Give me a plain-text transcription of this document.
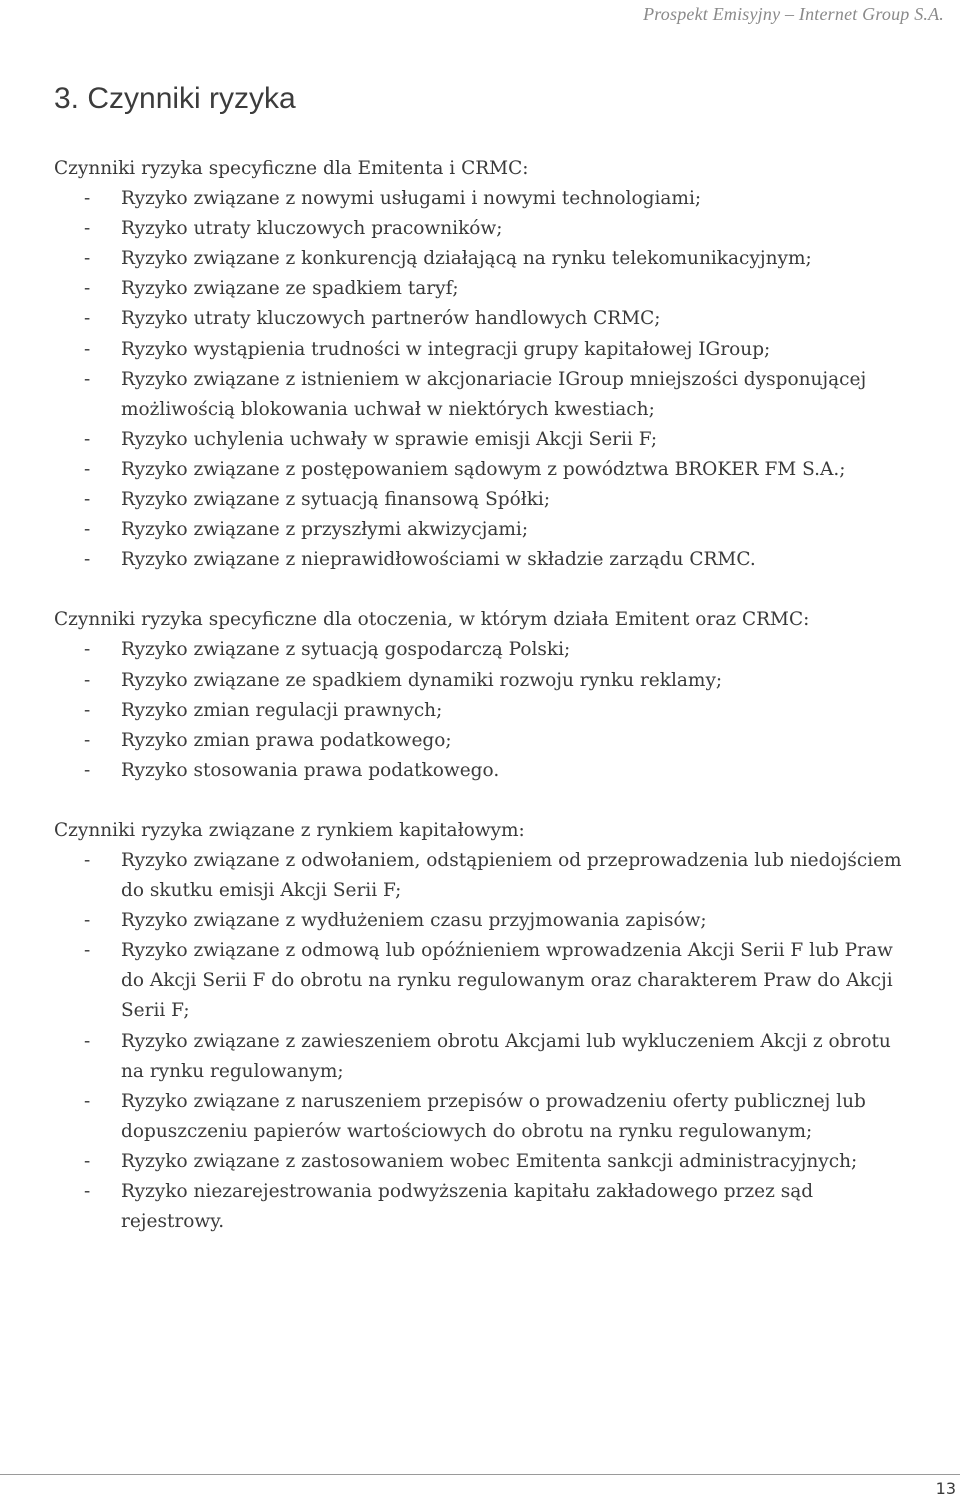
Prospekt Emisyjny – Internet Group S.A.
3. Czynniki ryzyka
Czynniki ryzyka specyficzne dla Emitenta i CRMC:
- Ryzyko związane z nowymi usługami i nowymi technologiami;
- Ryzyko utraty kluczowych pracowników;
- Ryzyko związane z konkurencją działającą na rynku telekomunikacyjnym;
- Ryzyko związane ze spadkiem taryf;
- Ryzyko utraty kluczowych partnerów handlowych CRMC;
- Ryzyko wystąpienia trudności w integracji grupy kapitałowej IGroup;
- Ryzyko związane z istnieniem w akcjonariacie IGroup mniejszości dysponującej możliwością blokowania uchwał w niektórych kwestiach;
- Ryzyko uchylenia uchwały w sprawie emisji Akcji Serii F;
- Ryzyko związane z postępowaniem sądowym z powództwa BROKER FM S.A.;
- Ryzyko związane z sytuacją finansową Spółki;
- Ryzyko związane z przyszłymi akwizycjami;
- Ryzyko związane z nieprawidłowościami w składzie zarządu CRMC.
Czynniki ryzyka specyficzne dla otoczenia, w którym działa Emitent oraz CRMC:
- Ryzyko związane z sytuacją gospodarczą Polski;
- Ryzyko związane ze spadkiem dynamiki rozwoju rynku reklamy;
- Ryzyko zmian regulacji prawnych;
- Ryzyko zmian prawa podatkowego;
- Ryzyko stosowania prawa podatkowego.
Czynniki ryzyka związane z rynkiem kapitałowym:
- Ryzyko związane z odwołaniem, odstąpieniem od przeprowadzenia lub niedojściem do skutku emisji Akcji Serii F;
- Ryzyko związane z wydłużeniem czasu przyjmowania zapisów;
- Ryzyko związane z odmową lub opóźnieniem wprowadzenia Akcji Serii F lub Praw do Akcji Serii F do obrotu na rynku regulowanym oraz charakterem Praw do Akcji Serii F;
- Ryzyko związane z zawieszeniem obrotu Akcjami lub wykluczeniem Akcji z obrotu na rynku regulowanym;
- Ryzyko związane z naruszeniem przepisów o prowadzeniu oferty publicznej lub dopuszczeniu papierów wartościowych do obrotu na rynku regulowanym;
- Ryzyko związane z zastosowaniem wobec Emitenta sankcji administracyjnych;
- Ryzyko niezarejestrowania podwyższenia kapitału zakładowego przez sąd rejestrowy.
13
